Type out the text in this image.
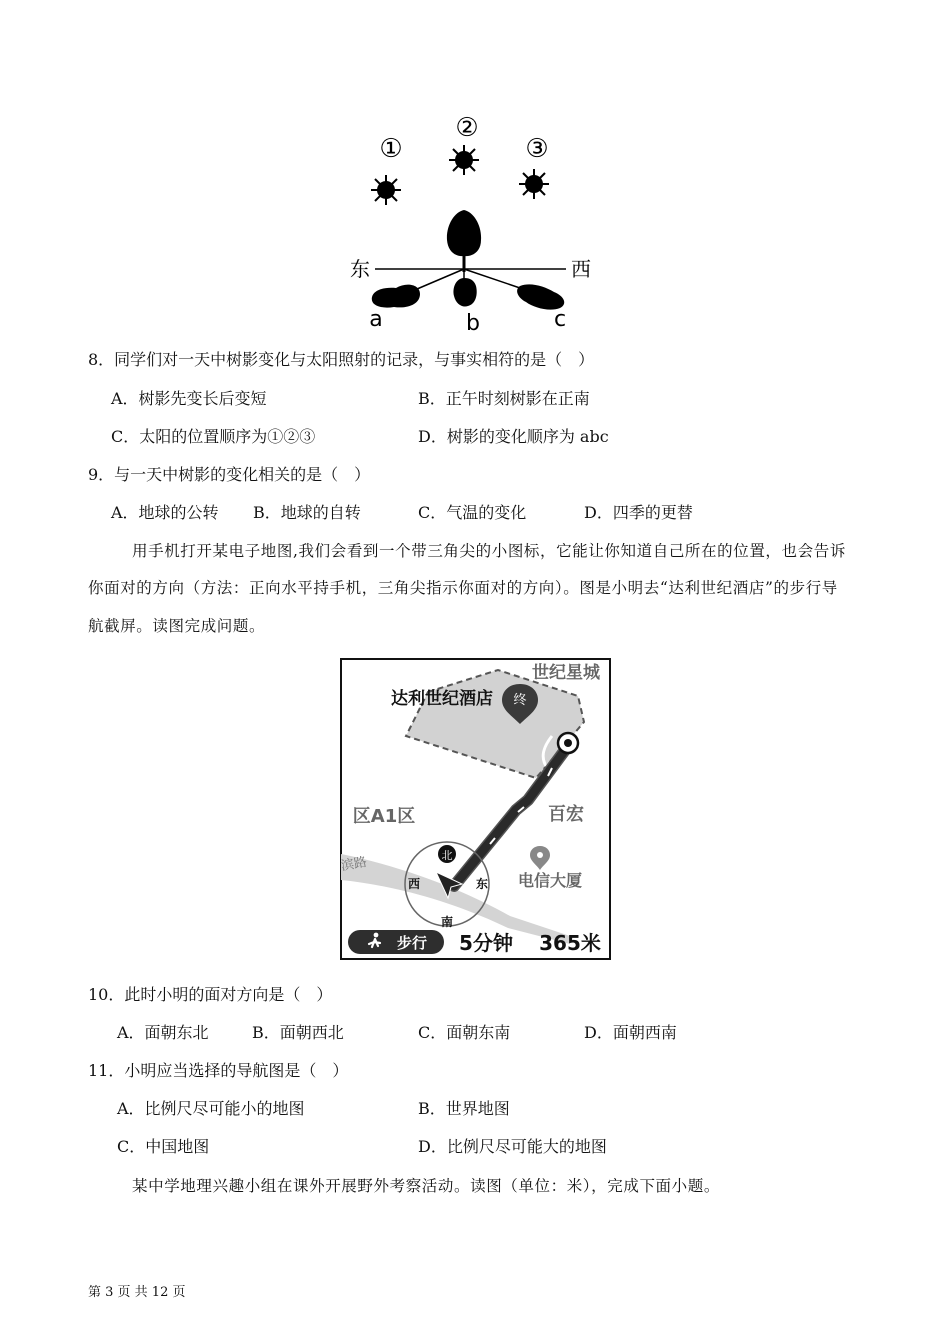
①
②
③
东	西
a	b	c
8．同学们对一天中树影变化与太阳照射的记录，与事实相符的是（　）
A．树影先变长后变短	B．正午时刻树影在正南
C．太阳的位置顺序为①②③	D．树影的变化顺序为 abc
9．与一天中树影的变化相关的是（　）
A．地球的公转 B．地球的自转	C．气温的变化	D．四季的更替
用手机打开某电子地图,我们会看到一个带三角尖的小图标，它能让你知道自己所在的位置，也会告诉
你面对的方向（方法：正向水平持手机，三角尖指示你面对的方向）。图是小明去“达利世纪酒店”的步行导
航截屏。读图完成问题。
世纪星城
达利世纪酒店 终
百宏
区A1区
滨路
电信大厦
北
西	东
南
步行 5分钟 365米
10．此时小明的面对方向是（　）
A．面朝东北	B．面朝西北	C．面朝东南	D．面朝西南
11．小明应当选择的导航图是（　）
A．比例尺尽可能小的地图	B．世界地图
C．中国地图	D．比例尺尽可能大的地图
某中学地理兴趣小组在课外开展野外考察活动。读图（单位：米），完成下面小题。
第 3 页 共 12 页
